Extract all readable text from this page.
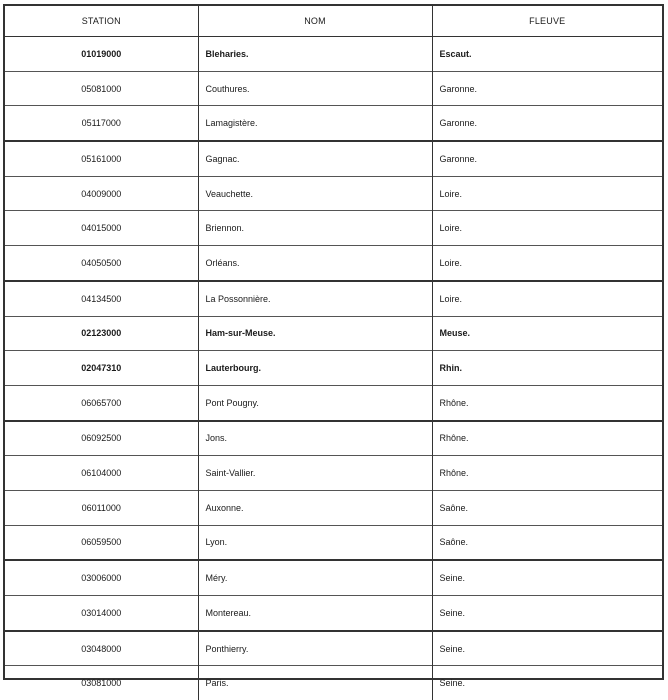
STATION	NOM	FLEUVE
01019000	Bleharies.	Escaut.
05081000	Couthures.	Garonne.
05117000	Lamagistère.	Garonne.
05161000	Gagnac.	Garonne.
04009000	Veauchette.	Loire.
04015000	Briennon.	Loire.
04050500	Orléans.	Loire.
04134500	La Possonnière.	Loire.
02123000	Ham-sur-Meuse.	Meuse.
02047310	Lauterbourg.	Rhin.
06065700	Pont Pougny.	Rhône.
06092500	Jons.	Rhône.
06104000	Saint-Vallier.	Rhône.
06011000	Auxonne.	Saône.
06059500	Lyon.	Saône.
03006000	Méry.	Seine.
03014000	Montereau.	Seine.
03048000	Ponthierry.	Seine.
03081000	Paris.	Seine.
